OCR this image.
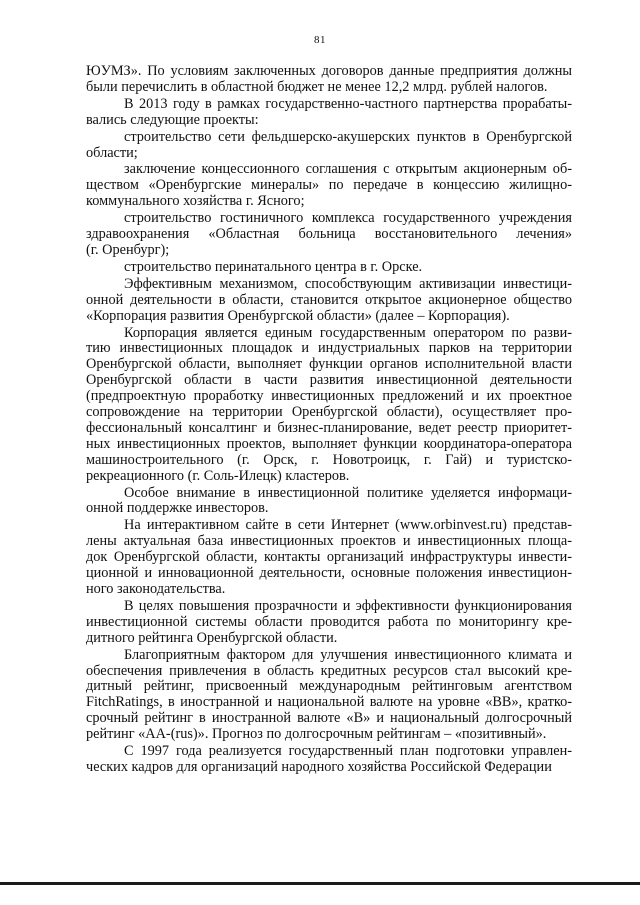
81

ЮУМЗ». По условиям заключенных договоров данные предприятия должны
были перечислить в областной бюджет не менее 12,2 млрд. рублей налогов.

В 2013 году в рамках государственно-частного партнерства прорабаты-
вались следующие проекты:

строительство сети фельдшерско-акушерских пунктов в Оренбургской
области;

заключение концессионного соглашения с открытым акционерным об-
ществом «Оренбургские минералы» по передаче в концессию жилищно-
коммунального хозяйства г. Ясного;

строительство гостиничного комплекса государственного учреждения
здравоохранения «Областная больница восстановительного лечения»
(г. Оренбург);

строительство перинатального центра в г. Орске.

Эффективным механизмом, способствующим активизации инвестици-
онной деятельности в области, становится открытое акционерное общество
«Корпорация развития Оренбургской области» (далее – Корпорация).

Корпорация является единым государственным оператором по разви-
тию инвестиционных площадок и индустриальных парков на территории
Оренбургской области, выполняет функции органов исполнительной власти
Оренбургской области в части развития инвестиционной деятельности
(предпроектную проработку инвестиционных предложений и их проектное
сопровождение на территории Оренбургской области), осуществляет про-
фессиональный консалтинг и бизнес-планирование, ведет реестр приоритет-
ных инвестиционных проектов, выполняет функции координатора-оператора
машиностроительного (г. Орск, г. Новотроицк, г. Гай) и туристско-
рекреационного (г. Соль-Илецк) кластеров.

Особое внимание в инвестиционной политике уделяется информаци-
онной поддержке инвесторов.

На интерактивном сайте в сети Интернет (www.orbinvest.ru) представ-
лены актуальная база инвестиционных проектов и инвестиционных площа-
док Оренбургской области, контакты организаций инфраструктуры инвести-
ционной и инновационной деятельности, основные положения инвестицион-
ного законодательства.

В целях повышения прозрачности и эффективности функционирования
инвестиционной системы области проводится работа по мониторингу кре-
дитного рейтинга Оренбургской области.

Благоприятным фактором для улучшения инвестиционного климата и
обеспечения привлечения в область кредитных ресурсов стал высокий кре-
дитный рейтинг, присвоенный международным рейтинговым агентством
FitchRatings, в иностранной и национальной валюте на уровне «BB», кратко-
срочный рейтинг в иностранной валюте «B» и национальный долгосрочный
рейтинг «AA-(rus)». Прогноз по долгосрочным рейтингам – «позитивный».

С 1997 года реализуется государственный план подготовки управлен-
ческих кадров для организаций народного хозяйства Российской Федерации
